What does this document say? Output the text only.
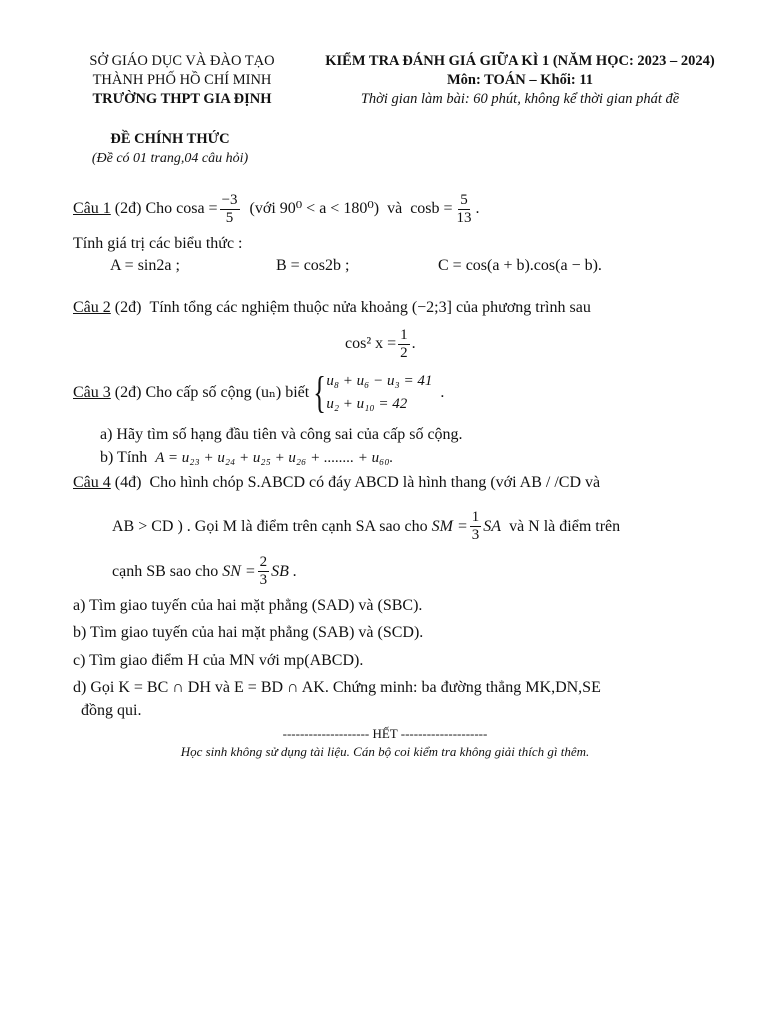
SỞ GIÁO DỤC VÀ ĐÀO TẠO
THÀNH PHỐ HỒ CHÍ MINH
TRƯỜNG THPT GIA ĐỊNH
KIỂM TRA ĐÁNH GIÁ GIỮA KÌ 1 (NĂM HỌC: 2023 – 2024)
Môn: TOÁN – Khối: 11
Thời gian làm bài: 60 phút, không kể thời gian phát đề
ĐỀ CHÍNH THỨC
(Đề có 01 trang,04 câu hỏi)
Câu 1 (2đ) Cho $\cos a = \frac{-3}{5}$ (với 90⁰ < a < 180⁰) và $\cos b = \frac{5}{13}$ .
Tính giá trị các biểu thức :
A = sin2a ;	B = cos2b ;	C = cos(a + b).cos(a − b).
Câu 2 (2đ) Tính tổng các nghiệm thuộc nửa khoảng (−2;3] của phương trình sau
cos² $x = \frac{1}{2}$ .
Câu 3
(2đ)
Cho cấp số cộng (uₙ) biết { u₈ + u₆ − u₃ = 41
u₂ + u₁₀ = 42
.
a) Hãy tìm số hạng đầu tiên và công sai của cấp số cộng.
b) Tính A = u₂₃ + u₂₄ + u₂₅ + u₂₆ + ........ + u₆₀.
Câu 4 (4đ) Cho hình chóp S.ABCD có đáy ABCD là hình thang (với AB / /CD và
AB > CD ) . Gọi M là điểm trên cạnh SA sao cho
SM = $\frac{1}{3}$ SA
và N là điểm trên
cạnh SB sao cho
SN = $\frac{2}{3}$ SB .
a) Tìm giao tuyến của hai mặt phẳng (SAD) và (SBC).
b) Tìm giao tuyến của hai mặt phẳng (SAB) và (SCD).
c) Tìm giao điểm H của MN với mp(ABCD).
d) Gọi K = BC ∩ DH và E = BD ∩ AK. Chứng minh: ba đường thẳng MK,DN,SE
đồng qui.
-------------------- HẾT --------------------
Học sinh không sử dụng tài liệu. Cán bộ coi kiểm tra không giải thích gì thêm.
